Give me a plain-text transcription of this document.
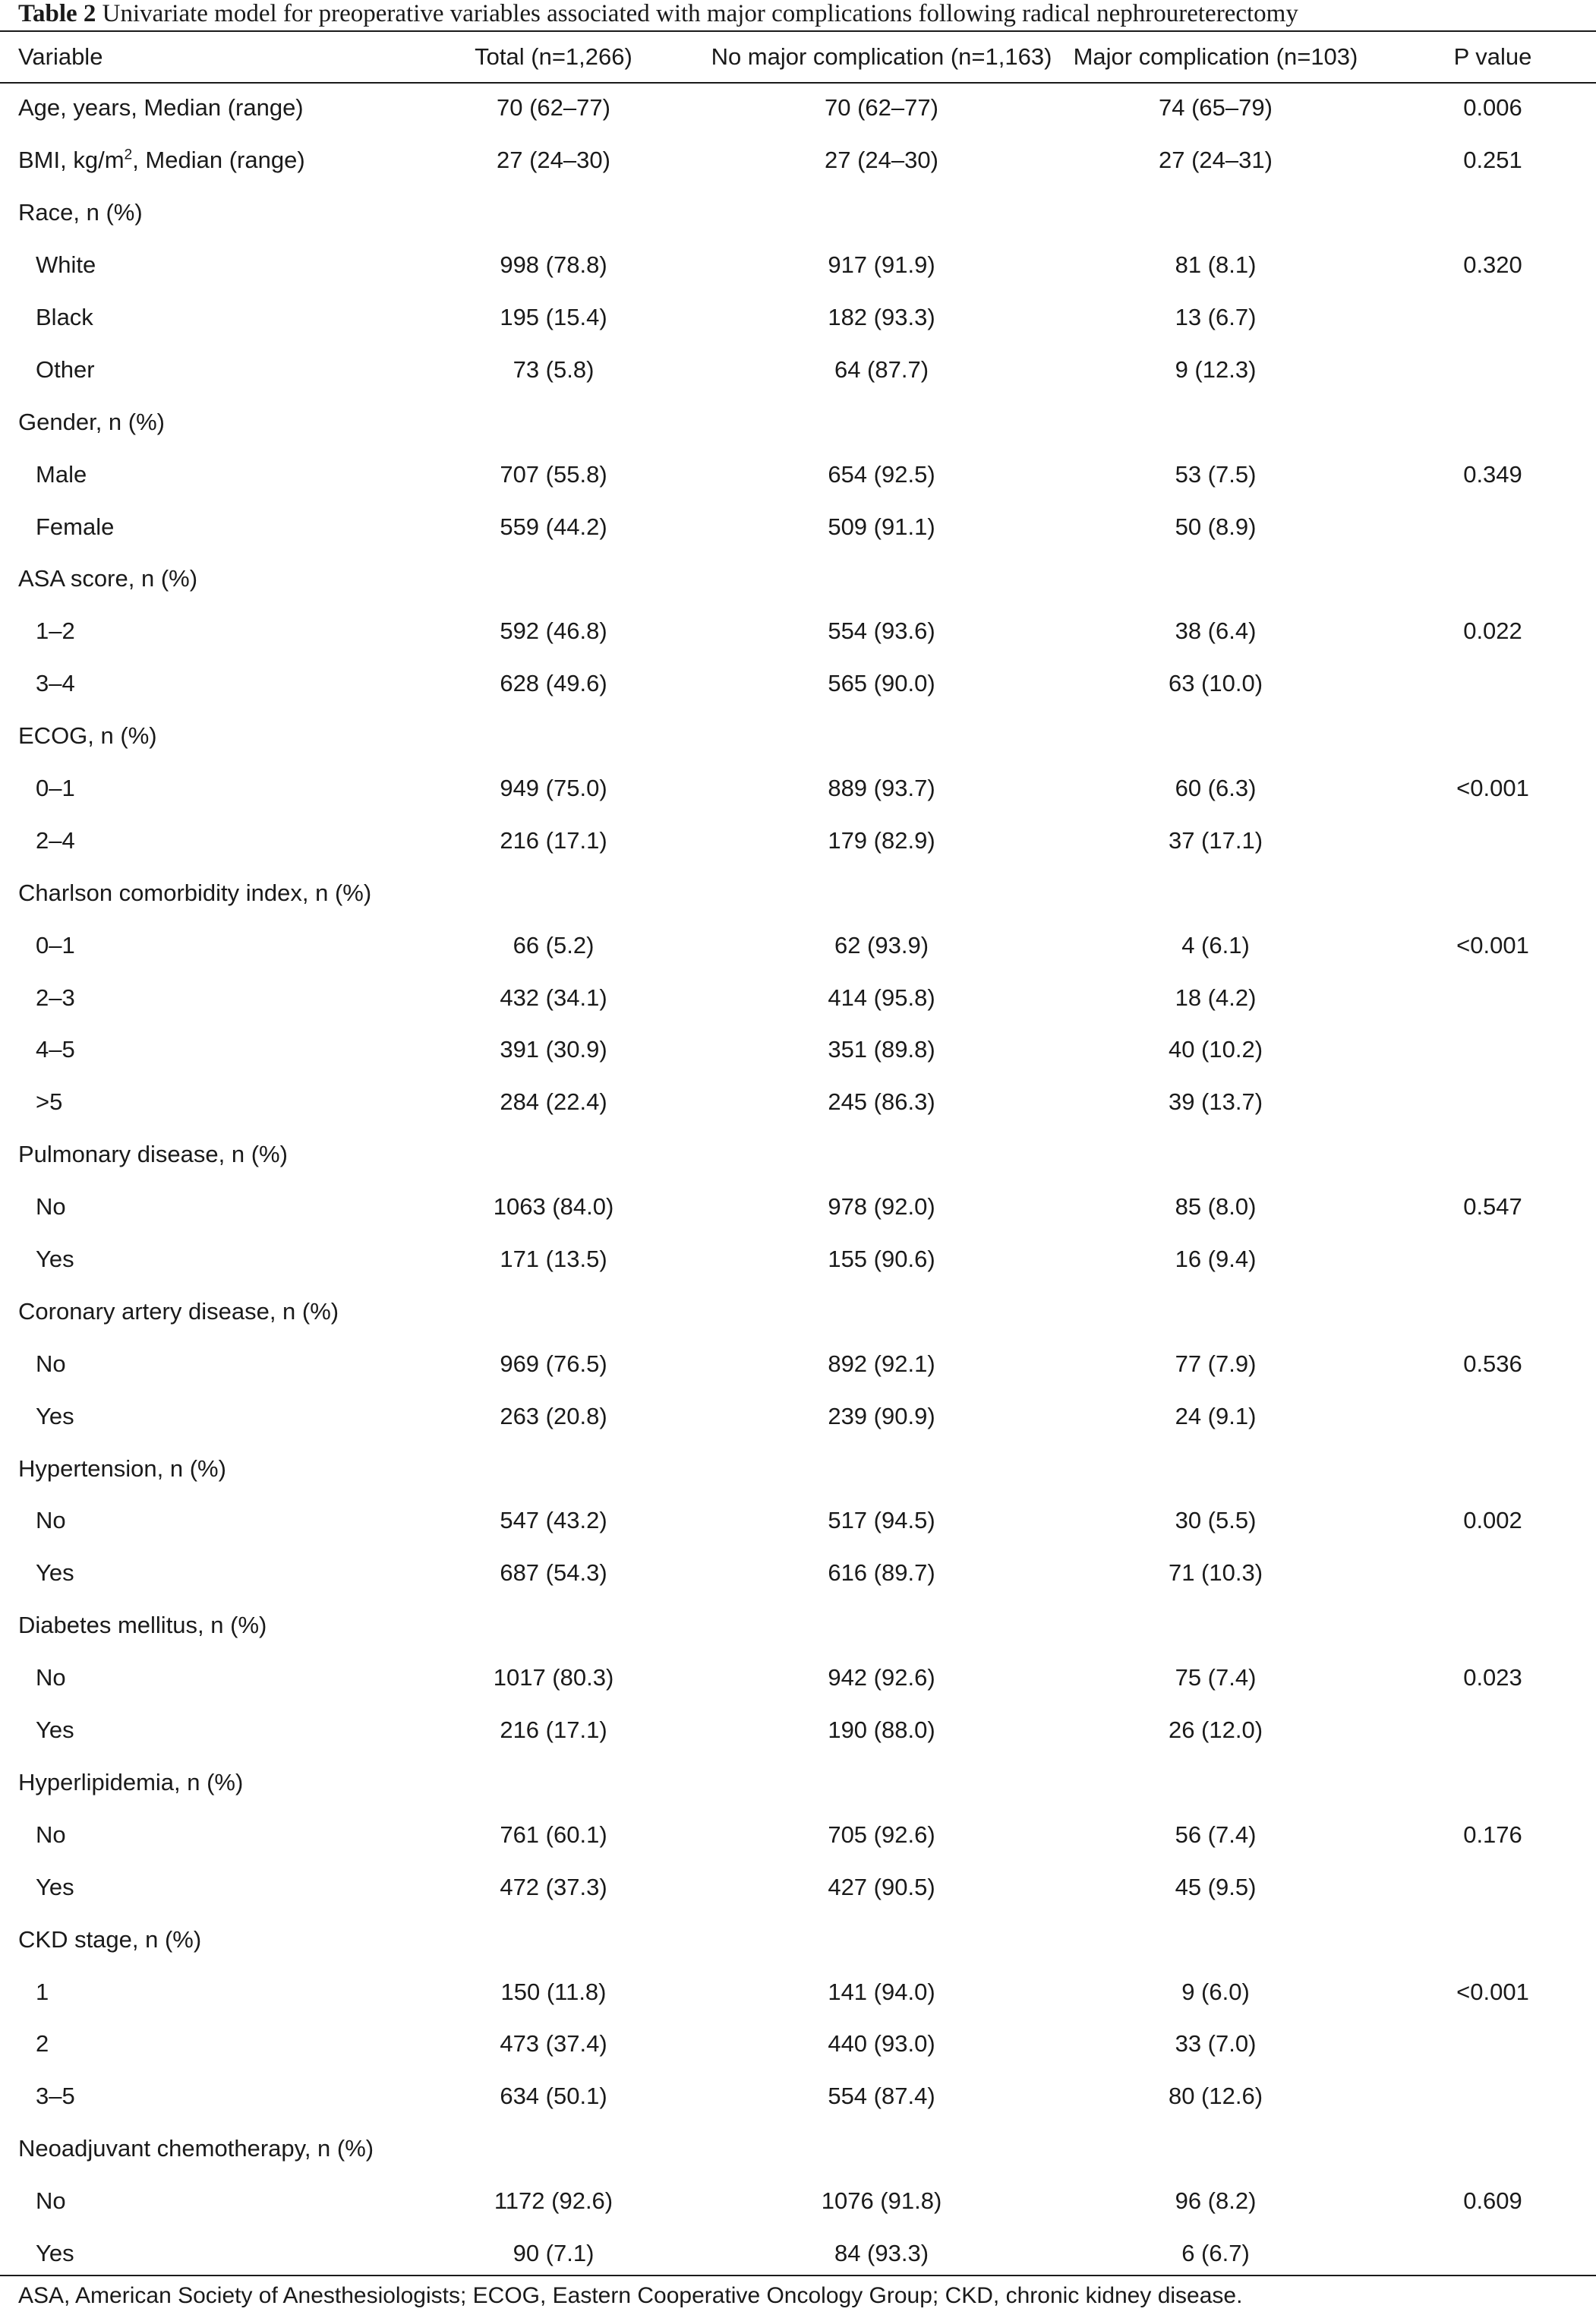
Table 2 Univariate model for preoperative variables associated with major complications following radical nephroureterectomy
Variable	Total (n=1,266)	No major complication (n=1,163)	Major complication (n=103)	P value
Age, years, Median (range)	70 (62–77)	70 (62–77)	74 (65–79)	0.006
BMI, $kg/m^2$, Median (range)	27 (24–30)	27 (24–30)	27 (24–31)	0.251
Race, n (%)				
White	998 (78.8)	917 (91.9)	81 (8.1)	0.320
Black	195 (15.4)	182 (93.3)	13 (6.7)	
Other	73 (5.8)	64 (87.7)	9 (12.3)	
Gender, n (%)				
Male	707 (55.8)	654 (92.5)	53 (7.5)	0.349
Female	559 (44.2)	509 (91.1)	50 (8.9)	
ASA score, n (%)				
1–2	592 (46.8)	554 (93.6)	38 (6.4)	0.022
3–4	628 (49.6)	565 (90.0)	63 (10.0)	
ECOG, n (%)				
0–1	949 (75.0)	889 (93.7)	60 (6.3)	<0.001
2–4	216 (17.1)	179 (82.9)	37 (17.1)	
Charlson comorbidity index, n (%)				
0–1	66 (5.2)	62 (93.9)	4 (6.1)	<0.001
2–3	432 (34.1)	414 (95.8)	18 (4.2)	
4–5	391 (30.9)	351 (89.8)	40 (10.2)	
>5	284 (22.4)	245 (86.3)	39 (13.7)	
Pulmonary disease, n (%)				
No	1063 (84.0)	978 (92.0)	85 (8.0)	0.547
Yes	171 (13.5)	155 (90.6)	16 (9.4)	
Coronary artery disease, n (%)				
No	969 (76.5)	892 (92.1)	77 (7.9)	0.536
Yes	263 (20.8)	239 (90.9)	24 (9.1)	
Hypertension, n (%)				
No	547 (43.2)	517 (94.5)	30 (5.5)	0.002
Yes	687 (54.3)	616 (89.7)	71 (10.3)	
Diabetes mellitus, n (%)				
No	1017 (80.3)	942 (92.6)	75 (7.4)	0.023
Yes	216 (17.1)	190 (88.0)	26 (12.0)	
Hyperlipidemia, n (%)				
No	761 (60.1)	705 (92.6)	56 (7.4)	0.176
Yes	472 (37.3)	427 (90.5)	45 (9.5)	
CKD stage, n (%)				
1	150 (11.8)	141 (94.0)	9 (6.0)	<0.001
2	473 (37.4)	440 (93.0)	33 (7.0)	
3–5	634 (50.1)	554 (87.4)	80 (12.6)	
Neoadjuvant chemotherapy, n (%)				
No	1172 (92.6)	1076 (91.8)	96 (8.2)	0.609
Yes	90 (7.1)	84 (93.3)	6 (6.7)	
ASA, American Society of Anesthesiologists; ECOG, Eastern Cooperative Oncology Group; CKD, chronic kidney disease.
